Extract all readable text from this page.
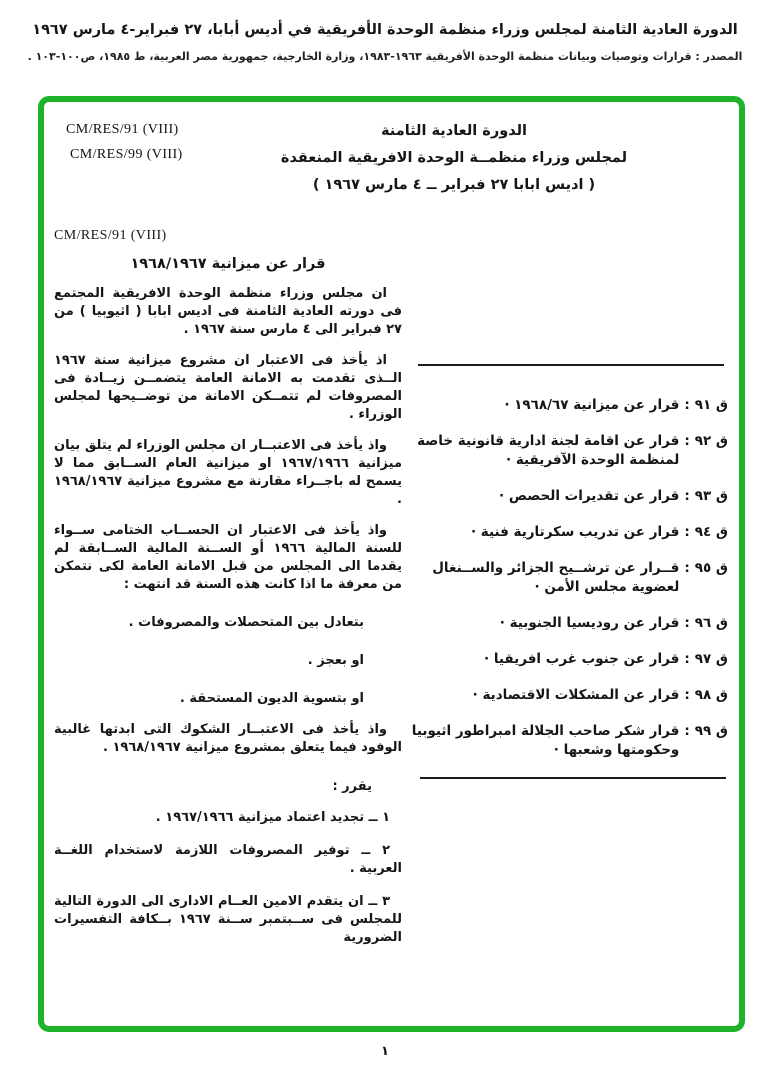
الدورة العادية الثامنة لمجلس وزراء منظمة الوحدة الأفريقية في أديس أبابا، ٢٧ فبراير-٤ مارس ١٩٦٧
المصدر : قرارات وتوصيات وبيانات منظمة الوحدة الأفريقية ١٩٦٣-١٩٨٣، وزارة الخارجية، جمهورية مصر العربية، ط ١٩٨٥، ص١٠٠-١٠٣ .
CM/RES/91 (VIII)
CM/RES/99 (VIII)
الدورة العادية الثامنة
لمجلس وزراء منظمــة الوحدة الافريقية المنعقدة
( اديس ابابا ٢٧ فبراير ــ ٤ مارس ١٩٦٧ )
CM/RES/91 (VIII)
قرار عن ميزانية ١٩٦٨/١٩٦٧

ان مجلس وزراء منظمة الوحدة الافريقية المجتمع فى دورته العادية الثامنة فى اديس ابابا ( اثيوبيا ) من ٢٧ فبراير الى ٤ مارس سنة ١٩٦٧ .

اذ يأخذ فى الاعتبار ان مشروع ميزانية سنة ١٩٦٧ الــذى تقدمت به الامانة العامة يتضمــن زيــادة فى المصروفات لم تتمــكن الامانة من توضــيحها لمجلس الوزراء .

واذ يأخذ فى الاعتبــار ان مجلس الوزراء لم يتلق بيان ميزانية ١٩٦٧/١٩٦٦ او ميزانية العام الســابق مما لا يسمح له باجــراء مقارنة مع مشروع ميزانية ١٩٦٨/١٩٦٧ .

واذ يأخذ فى الاعتبار ان الحســاب الختامى ســواء للسنة المالية ١٩٦٦ أو الســنة المالية الســابقة لم يقدما الى المجلس من قبل الامانة العامة لكى نتمكن من معرفة ما اذا كانت هذه السنة قد انتهت :

بتعادل بين المتحصلات والمصروفات .
او بعجز .
او بتسوية الديون المستحقة .

واذ يأخذ فى الاعتبــار الشكوك التى ابدتها غالبية الوفود فيما يتعلق بمشروع ميزانية ١٩٦٨/١٩٦٧ .

يقرر :
١ ــ تجديد اعتماد ميزانية ١٩٦٧/١٩٦٦ .
٢ ــ توفير المصروفات اللازمة لاستخدام اللغــة العربية .
٣ ــ ان يتقدم الامين العــام الادارى الى الدورة التالية للمجلس فى ســبتمبر ســنة ١٩٦٧ بــكافة التفسيرات الضرورية
ق ٩١
:
قرار عن ميزانية ١٩٦٨/٦٧ ·
ق ٩٢
:
قرار عن اقامة لجنة ادارية قانونية خاصة لمنظمة الوحدة الآفريقية ·
ق ٩٣
:
قرار عن تقديرات الحصص ·
ق ٩٤
:
قرار عن تدريب سكرتارية فنية ·
ق ٩٥
:
قــرار عن ترشــيح الجزائر والســنغال لعضوية مجلس الأمن ·
ق ٩٦
:
قرار عن روديسيا الجنوبية ·
ق ٩٧
:
قرار عن جنوب غرب افريقيا ·
ق ٩٨
:
قرار عن المشكلات الاقتصادية ·
ق ٩٩
:
قرار شكر صاحب الجلالة امبراطور اثيوبيا وحكومتها وشعبها ·
١
